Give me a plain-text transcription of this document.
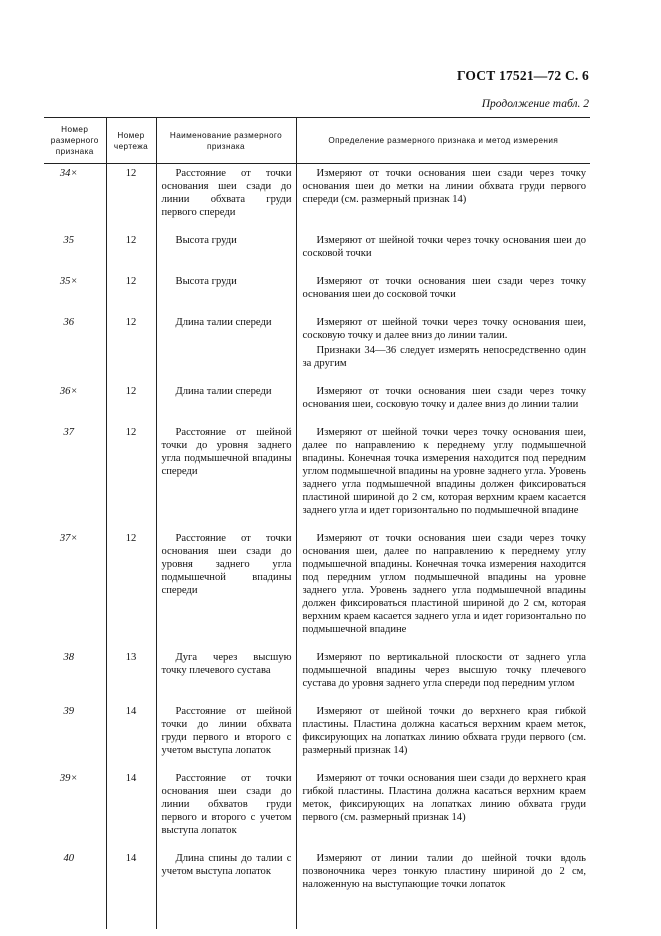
ГОСТ 17521—72 С. 6
Продолжение табл. 2
Номер размерного признака	Номер чертежа	Наименование размерного признака	Определение размерного признака и метод измерения
34×	12	Расстояние от точки основания шеи сзади до линии обхвата груди первого спереди	Измеряют от точки основания шеи сзади через точку основания шеи до метки на линии обхвата груди первого спереди (см. размерный признак 14)

35	12	Высота груди	Измеряют от шейной точки через точку основания шеи до сосковой точки

35×	12	Высота груди	Измеряют от точки основания шеи сзади через точку основания шеи до сосковой точки

36	12	Длина талии спереди	Измеряют от шейной точки через точку основания шеи, сосковую точку и далее вниз до линии талии.

Признаки 34—36 следует измерять непосредственно один за другим

36×	12	Длина талии спереди	Измеряют от точки основания шеи сзади через точку основания шеи, сосковую точку и далее вниз до линии талии

37	12	Расстояние от шейной точки до уровня заднего угла подмышечной впадины спереди	Измеряют от шейной точки через точку основания шеи, далее по направлению к переднему углу подмышечной впадины. Конечная точка измерения находится под передним углом подмышечной впадины на уровне заднего угла. Уровень заднего угла подмышечной впадины должен фиксироваться пластиной шириной до 2 см, которая верхним краем касается заднего угла и идет горизонтально по подмышечной впадине

37×	12	Расстояние от точки основания шеи сзади до уровня заднего угла подмышечной впадины спереди	Измеряют от точки основания шеи сзади через точку основания шеи, далее по направлению к переднему углу подмышечной впадины. Конечная точка измерения находится под передним углом подмышечной впадины на уровне заднего угла. Уровень заднего угла подмышечной впадины должен фиксироваться пластиной шириной до 2 см, которая верхним краем касается заднего угла и идет горизонтально по подмышечной впадине

38	13	Дуга через высшую точку плечевого сустава	Измеряют по вертикальной плоскости от заднего угла подмышечной впадины через высшую точку плечевого сустава до уровня заднего угла спереди под передним углом

39	14	Расстояние от шейной точки до линии обхвата груди первого и второго с учетом выступа лопаток	Измеряют от шейной точки до верхнего края гибкой пластины. Пластина должна касаться верхним краем меток, фиксирующих на лопатках линию обхвата груди первого (см. размерный признак 14)

39×	14	Расстояние от точки основания шеи сзади до линии обхватов груди первого и второго с учетом выступа лопаток	Измеряют от точки основания шеи сзади до верхнего края гибкой пластины. Пластина должна касаться верхним краем меток, фиксирующих на лопатках линию обхвата груди первого (см. размерный признак 14)

40	14	Длина спины до талии с учетом выступа лопаток	Измеряют от линии талии до шейной точки вдоль позвоночника через тонкую пластину шириной до 2 см, наложенную на выступающие точки лопаток
